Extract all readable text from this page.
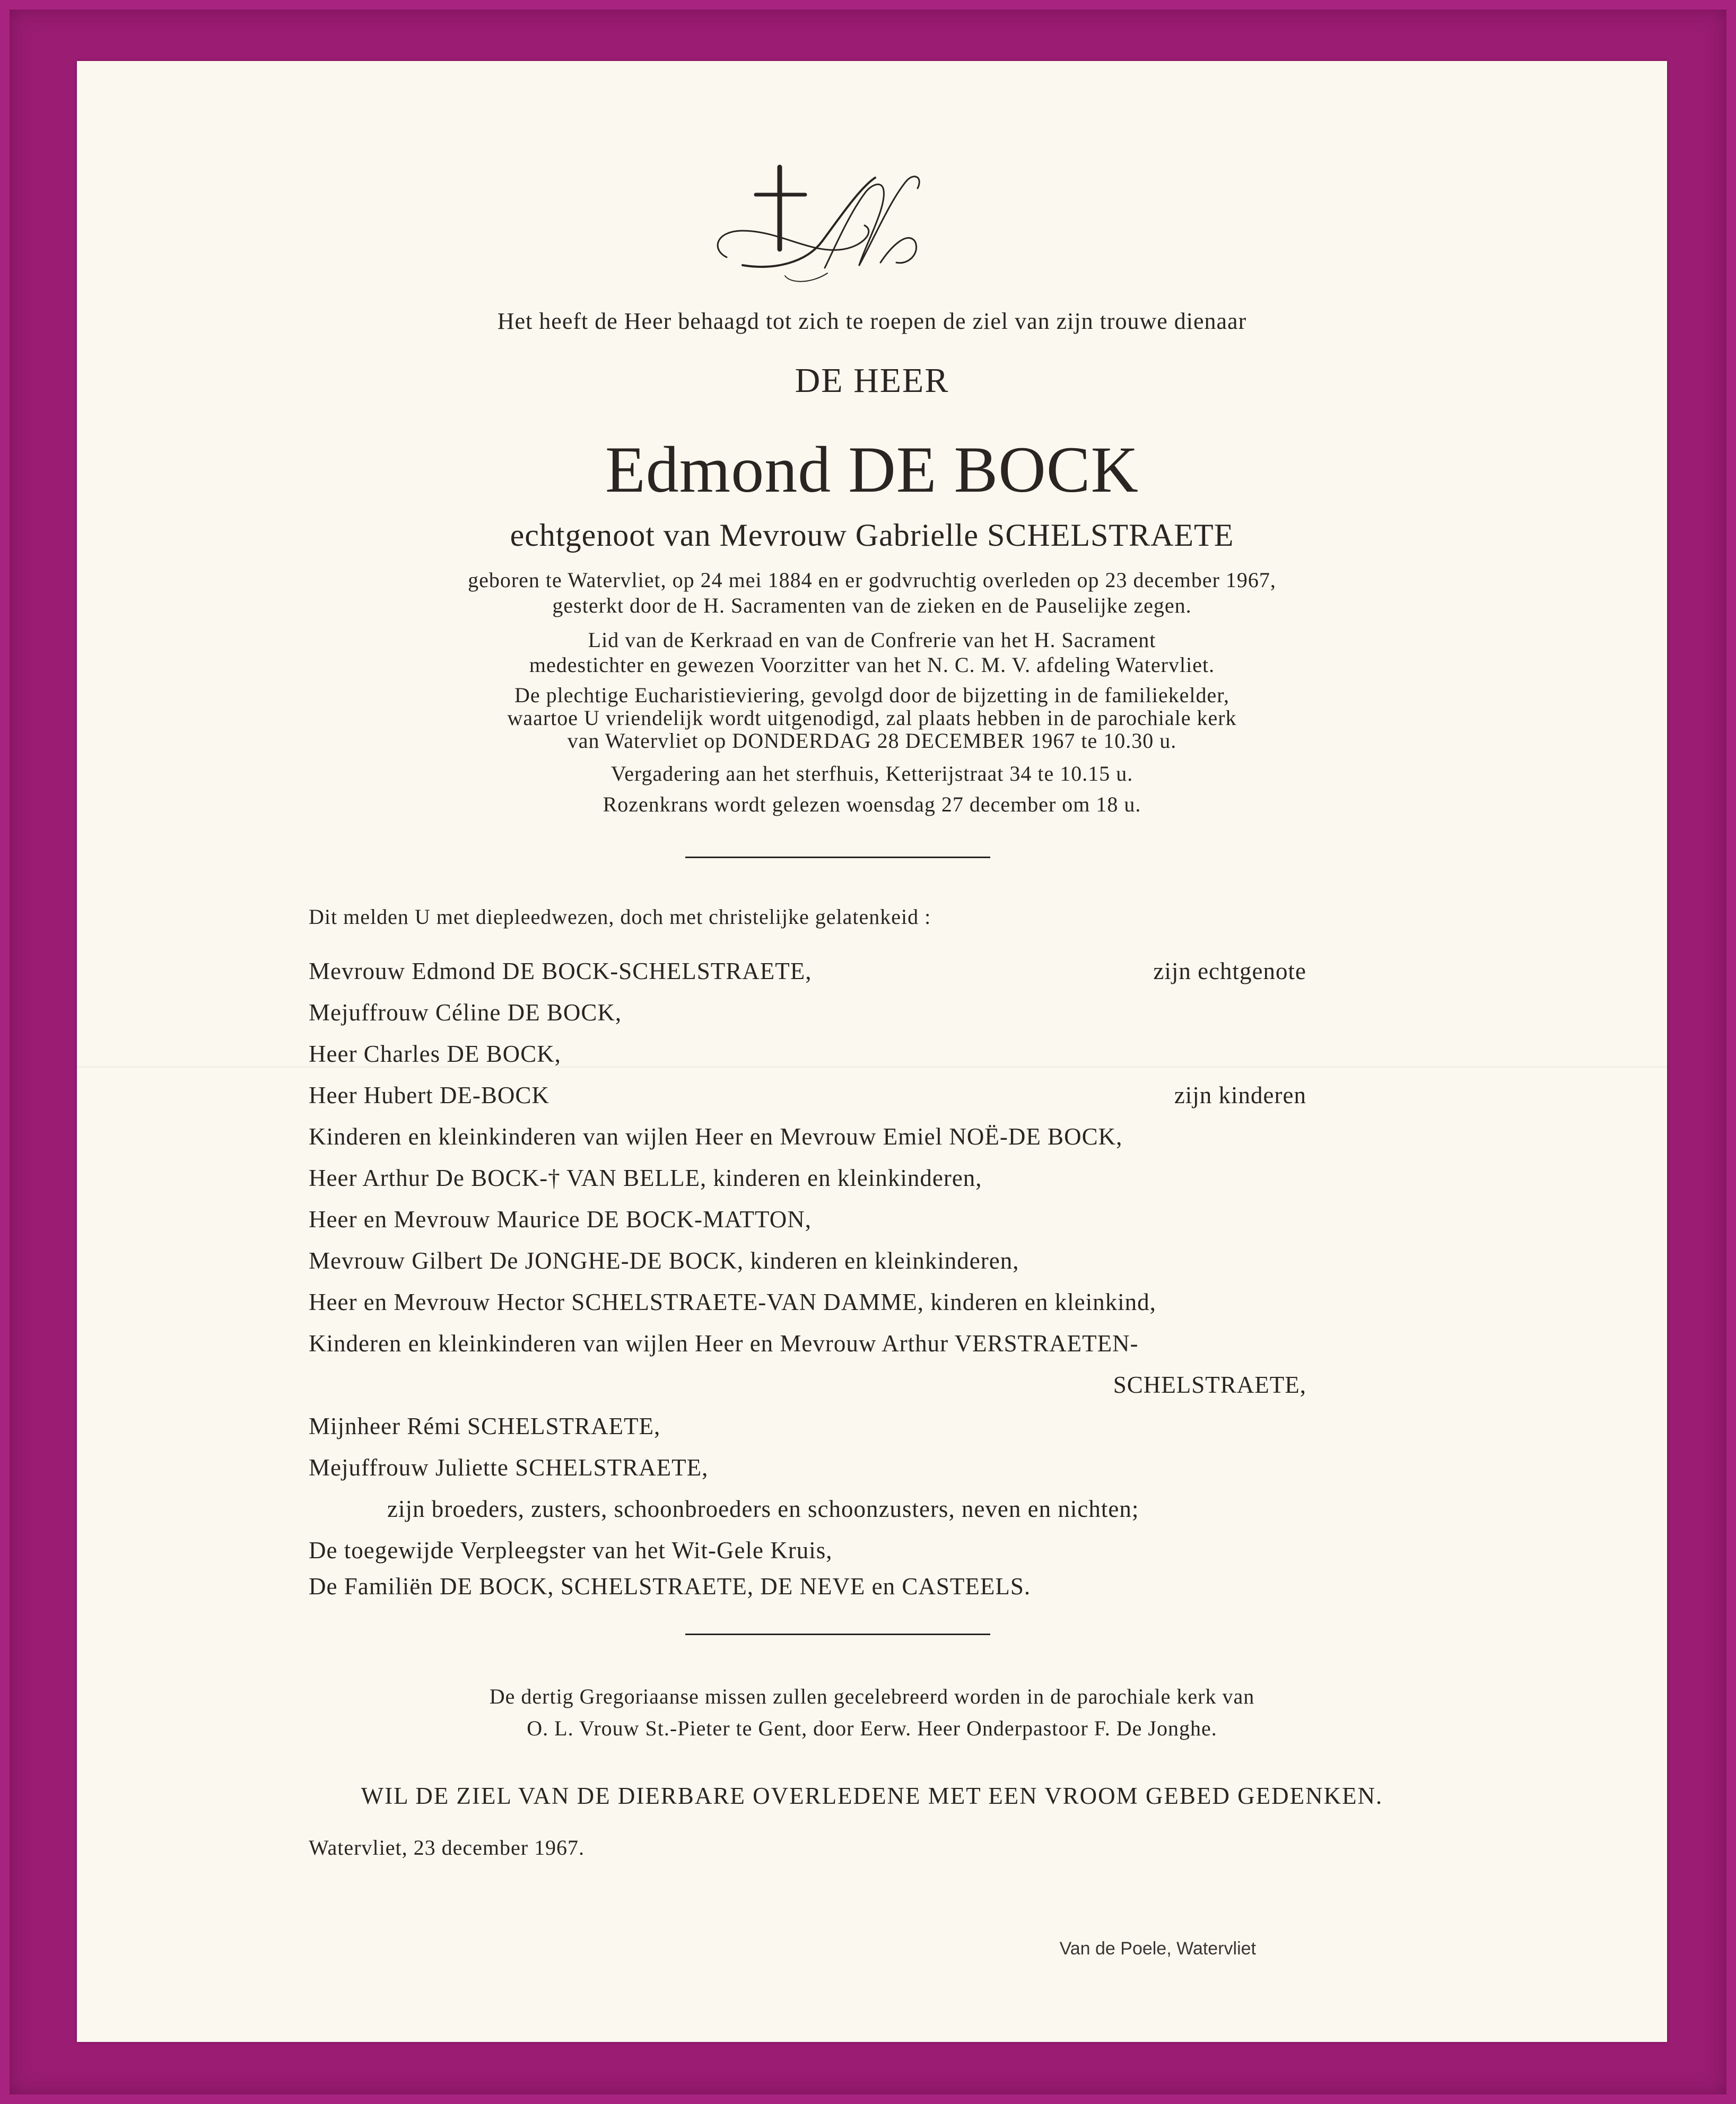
Het heeft de Heer behaagd tot zich te roepen de ziel van zijn trouwe dienaar
DE HEER
Edmond DE BOCK
echtgenoot van Mevrouw Gabrielle SCHELSTRAETE
geboren te Watervliet, op 24 mei 1884 en er godvruchtig overleden op 23 december 1967,
gesterkt door de H. Sacramenten van de zieken en de Pauselijke zegen.
Lid van de Kerkraad en van de Confrerie van het H. Sacrament
medestichter en gewezen Voorzitter van het N. C. M. V. afdeling Watervliet.
De plechtige Eucharistieviering, gevolgd door de bijzetting in de familiekelder,
waartoe U vriendelijk wordt uitgenodigd, zal plaats hebben in de parochiale kerk
van Watervliet op DONDERDAG 28 DECEMBER 1967 te 10.30 u.
Vergadering aan het sterfhuis, Ketterijstraat 34 te 10.15 u.
Rozenkrans wordt gelezen woensdag 27 december om 18 u.
Dit melden U met diepleedwezen, doch met christelijke gelatenkeid :
Mevrouw Edmond DE BOCK-SCHELSTRAETE,	zijn echtgenote
Mejuffrouw Céline DE BOCK,
Heer Charles DE BOCK,
Heer Hubert DE-BOCK	zijn kinderen
Kinderen en kleinkinderen van wijlen Heer en Mevrouw Emiel NOË-DE BOCK,
Heer Arthur De BOCK-† VAN BELLE, kinderen en kleinkinderen,
Heer en Mevrouw Maurice DE BOCK-MATTON,
Mevrouw Gilbert De JONGHE-DE BOCK, kinderen en kleinkinderen,
Heer en Mevrouw Hector SCHELSTRAETE-VAN DAMME, kinderen en kleinkind,
Kinderen en kleinkinderen van wijlen Heer en Mevrouw Arthur VERSTRAETEN-
SCHELSTRAETE,
Mijnheer Rémi SCHELSTRAETE,
Mejuffrouw Juliette SCHELSTRAETE,
zijn broeders, zusters, schoonbroeders en schoonzusters, neven en nichten;
De toegewijde Verpleegster van het Wit-Gele Kruis,
De Familiën DE BOCK, SCHELSTRAETE, DE NEVE en CASTEELS.
De dertig Gregoriaanse missen zullen gecelebreerd worden in de parochiale kerk van
O. L. Vrouw St.-Pieter te Gent, door Eerw. Heer Onderpastoor F. De Jonghe.
WIL DE ZIEL VAN DE DIERBARE OVERLEDENE MET EEN VROOM GEBED GEDENKEN.
Watervliet, 23 december 1967.
Van de Poele, Watervliet
